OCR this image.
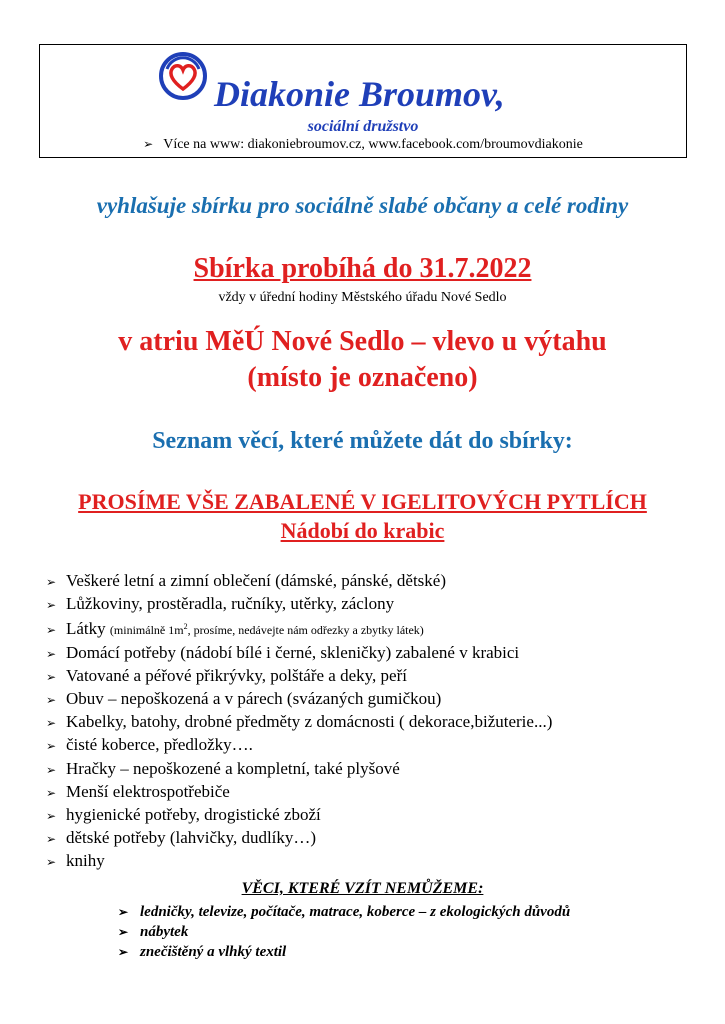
Diakonie Broumov,
sociální družstvo
➢ Více na www: diakoniebroumov.cz, www.facebook.com/broumovdiakonie
vyhlašuje sbírku pro sociálně slabé občany a celé rodiny
Sbírka probíhá do 31.7.2022
vždy v úřední hodiny Městského úřadu Nové Sedlo
v atriu MěÚ Nové Sedlo – vlevo u výtahu
(místo je označeno)
Seznam věcí, které můžete dát do sbírky:
PROSÍME VŠE ZABALENÉ V IGELITOVÝCH PYTLÍCH
Nádobí do krabic
➢ Veškeré letní a zimní oblečení (dámské, pánské, dětské)
➢ Lůžkoviny, prostěradla, ručníky, utěrky, záclony
➢ Látky (minimálně $1m^2$, prosíme, nedávejte nám odřezky a zbytky látek)
➢ Domácí potřeby (nádobí bílé i černé, skleničky) zabalené v krabici
➢ Vatované a péřové přikrývky, polštáře a deky, peří
➢ Obuv – nepoškozená a v párech (svázaných gumičkou)
➢ Kabelky, batohy, drobné předměty z domácnosti ( dekorace,bižuterie...)
➢ čisté koberce, předložky….
➢ Hračky – nepoškozené a kompletní, také plyšové
➢ Menší elektrospotřebiče
➢ hygienické potřeby, drogistické zboží
➢ dětské potřeby (lahvičky, dudlíky…)
➢ knihy
VĚCI, KTERÉ VZÍT NEMŮŽEME:
➢ ledničky, televize, počítače, matrace, koberce – z ekologických důvodů
➢ nábytek
➢ znečištěný a vlhký textil
